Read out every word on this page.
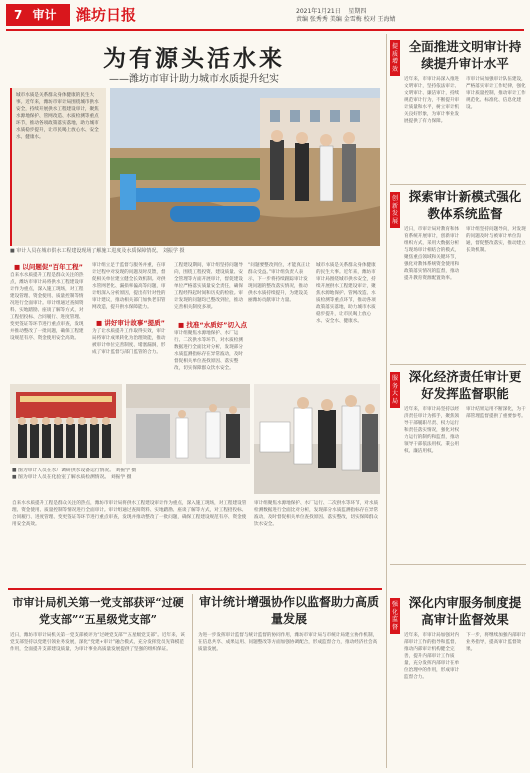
7 审计	潍坊日报	2021年1月21日 星期四
责编 张秀秀 美编 金雪梅 校对 王海婧
为有源头活水来
——潍坊市审计助力城市水质提升纪实
城市水质是关系群众身体健康的民生大事。近年来，潍坊市审计局围绕城市供水安全，持续开展供水工程建设审计，聚焦水源地保护、管网改造、水质检测等重点环节，推动各项政策落实落地，助力城市水质稳步提升，让市民喝上放心水、安全水、健康水。
■ 审计人员在城市供水工程建设现场了解施工进度及水质保障情况。 刘振学 摄
■ 以问题促“百年工程”
自来水水质提升工程是群众关注的热点，潍坊市审计局将供水工程建设审计作为重点，深入施工现场，对工程建设管理、资金使用、质量控制等情况进行全面审计。审计组通过查阅资料、实地踏勘、座谈了解等方式，对工程招投标、合同履行、进度管理、变更签证等环节进行重点审查，发现并推动整改了一批问题，确保工程建设规范有序、资金使用安全高效。
审计组立足于监督与服务并重，在审计过程中对发现的问题及时反馈，督促相关单位建立健全长效机制。对供水管网老化、漏损率偏高等问题，审计组深入分析原因，提出有针对性的审计建议，推动相关部门加快老旧管网改造，提升供水保障能力。
■ 讲好审计故事“提质”
为了让水质提升工作取得实效，审计局将审计成果转化为治理效能，推动被审计单位完善制度、堵塞漏洞，形成了审计监督与部门监管的合力。
工程建设期间，审计组坚持问题导向，围绕工程投资、建设质量、安全管理等方面开展审计，督促建设单位严格落实质量安全责任，确保工程经得起时间和历史的检验。审计发现的问题均已整改到位，推动完善相关制度多项。
■ 找准“水质好”切入点
审计组聚焦水源地保护、水厂运行、二次供水等环节，对水质检测数据进行全面比对分析，发现部分水质监测指标存在异常波动，及时督促相关单位查找原因、落实整改，切实保障群众饮水安全。
“问题要整改到位，才能真正让群众受益。”审计组负责人表示，下一步将持续跟踪审计发现问题的整改落实情况，推动供水水质持续提升，为建设美丽潍坊贡献审计力量。
城市水质是关系群众身体健康的民生大事。近年来，潍坊市审计局围绕城市供水安全，持续开展供水工程建设审计，聚焦水源地保护、管网改造、水质检测等重点环节，推动各项政策落实落地，助力城市水质稳步提升，让市民喝上放心水、安全水、健康水。
■ 图为审计人员在水厂调研供水设备运行情况。 刘振学 摄
■ 图为审计人员在化验室了解水质检测情况。 刘振学 摄
自来水水质提升工程是群众关注的热点，潍坊市审计局将供水工程建设审计作为重点，深入施工现场，对工程建设管理、资金使用、质量控制等情况进行全面审计。审计组通过查阅资料、实地踏勘、座谈了解等方式，对工程招投标、合同履行、进度管理、变更签证等环节进行重点审查，发现并推动整改了一批问题，确保工程建设规范有序、资金使用安全高效。
审计组聚焦水源地保护、水厂运行、二次供水等环节，对水质检测数据进行全面比对分析，发现部分水质监测指标存在异常波动，及时督促相关单位查找原因、落实整改，切实保障群众饮水安全。
市审计局机关第一党支部获评“过硬党支部”“五星级党支部”
近日，潍坊市审计局机关第一党支部被评为“过硬党支部”“五星级党支部”。近年来，该党支部坚持以党建引领业务发展，深化“党建+审计”融合模式，充分发挥党员先锋模范作用，全面提升支部建设质量，为审计事业高质量发展提供了坚强的组织保证。
审计统计增强协作以监督助力高质量发展
为进一步发挥审计监督与统计监督的协同作用，潍坊市审计局与市统计局建立协作机制，在信息共享、成果运用、问题整改等方面加强协调配合，形成监督合力，推动经济社会高质量发展。
提质增效
全面推进文明审计持续提升审计水平
近年来，市审计局深入推进文明审计，坚持依法审计、文明审计、廉洁审计，持续规范审计行为，不断提升审计质量和水平，树立审计机关良好形象，为审计事业发展提供了有力保障。
市审计局加强审计队伍建设，严格落实审计工作纪律，强化审计质量控制，推动审计工作规范化、标准化、信息化建设。
创新发展
探索审计新模式强化教体系统监督
近日，市审计局对教育和体育系统开展审计，创新审计组织方式，采用大数据分析与现场审计相结合的模式，聚焦重点领域和关键环节，强化对教体系统资金使用和政策落实情况的监督，推动提升教育资源配置效率。
审计组坚持问题导向，对发现的问题及时与被审计单位沟通，督促整改落实，推动建立长效机制。
服务大局
深化经济责任审计更好发挥监督职能
近年来，市审计局坚持以经济责任审计为抓手，聚焦领导干部履职尽责、权力运行和责任落实情况，强化对权力运行的制约和监督，推动领导干部依法用权、秉公用权、廉洁用权。
审计结果运用不断深化，为干部管理监督提供了重要参考。
强化监督
深化内审服务制度提高审计监督效果
近年来，市审计局加强对内部审计工作的指导和监督，推动内部审计机构健全完善，提升内部审计工作质量，充分发挥内部审计在单位治理中的作用，形成审计监督合力。
下一步，将继续加强内部审计业务指导，提高审计监督效果。
